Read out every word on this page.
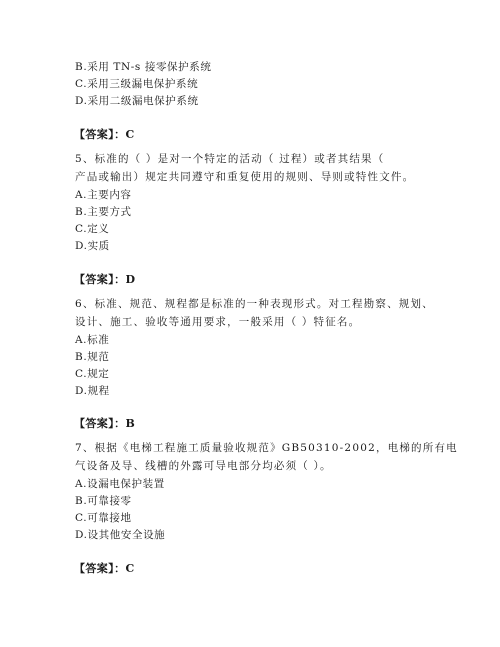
B.采用 TN-s 接零保护系统
C.采用三级漏电保护系统
D.采用二级漏电保护系统
【答案】：C
5、标准的（ ）是对一个特定的活动（ 过程）或者其结果（
产品或输出）规定共同遵守和重复使用的规则、导则或特性文件。
A.主要内容
B.主要方式
C.定义
D.实质
【答案】：D
6、标准、规范、规程都是标准的一种表现形式。对工程勘察、规划、
设计、施工、验收等通用要求，一般采用（ ）特征名。
A.标准
B.规范
C.规定
D.规程
【答案】：B
7、根据《电梯工程施工质量验收规范》GB50310-2002，电梯的所有电
气设备及导、线槽的外露可导电部分均必须（ ）。
A.设漏电保护装置
B.可靠接零
C.可靠接地
D.设其他安全设施
【答案】：C
